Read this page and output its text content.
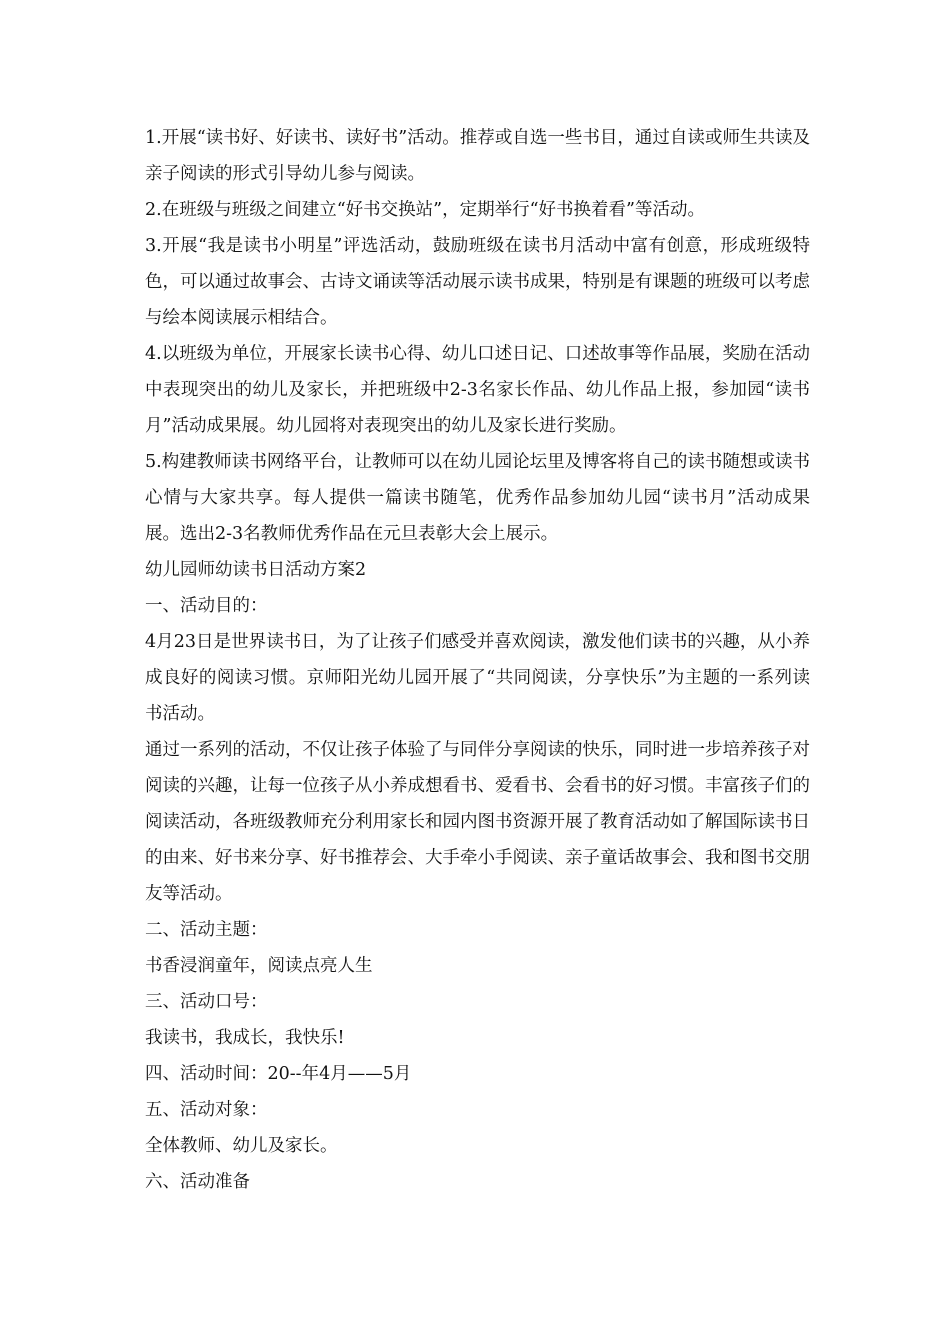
1.开展“读书好、好读书、读好书”活动。推荐或自选一些书目，通过自读或师生共读及亲子阅读的形式引导幼儿参与阅读。

2.在班级与班级之间建立“好书交换站”，定期举行“好书换着看”等活动。

3.开展“我是读书小明星”评选活动，鼓励班级在读书月活动中富有创意，形成班级特色，可以通过故事会、古诗文诵读等活动展示读书成果，特别是有课题的班级可以考虑与绘本阅读展示相结合。

4.以班级为单位，开展家长读书心得、幼儿口述日记、口述故事等作品展，奖励在活动中表现突出的幼儿及家长，并把班级中2-3名家长作品、幼儿作品上报，参加园“读书月”活动成果展。幼儿园将对表现突出的幼儿及家长进行奖励。

5.构建教师读书网络平台，让教师可以在幼儿园论坛里及博客将自己的读书随想或读书心情与大家共享。每人提供一篇读书随笔，优秀作品参加幼儿园“读书月”活动成果展。选出2-3名教师优秀作品在元旦表彰大会上展示。

幼儿园师幼读书日活动方案2

一、活动目的：

4月23日是世界读书日，为了让孩子们感受并喜欢阅读，激发他们读书的兴趣，从小养成良好的阅读习惯。京师阳光幼儿园开展了“共同阅读，分享快乐”为主题的一系列读书活动。

通过一系列的活动，不仅让孩子体验了与同伴分享阅读的快乐，同时进一步培养孩子对阅读的兴趣，让每一位孩子从小养成想看书、爱看书、会看书的好习惯。丰富孩子们的阅读活动，各班级教师充分利用家长和园内图书资源开展了教育活动如了解国际读书日的由来、好书来分享、好书推荐会、大手牵小手阅读、亲子童话故事会、我和图书交朋友等活动。

二、活动主题：

书香浸润童年，阅读点亮人生

三、活动口号：

我读书，我成长，我快乐!

四、活动时间：20--年4月——5月

五、活动对象：

全体教师、幼儿及家长。

六、活动准备
